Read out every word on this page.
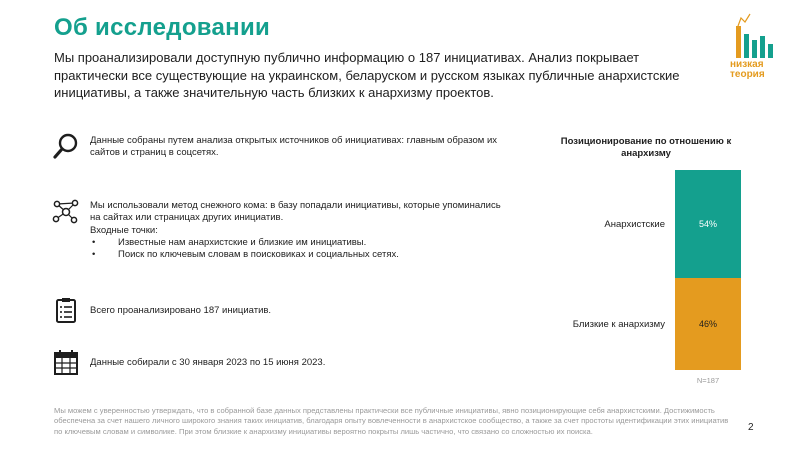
Об исследовании

Мы проанализировали доступную публично информацию о 187 инициативах. Анализ покрывает практически все существующие на украинском, беларуском и русском языках публичные анархистские инициативы, а также значительную часть близких к анархизму проектов.

низкая
теория
Данные собраны путем анализа открытых источников об инициативах: главным образом их сайтов и страниц в соцсетях.
Мы использовали метод снежного кома: в базу попадали инициативы, которые упоминались на сайтах или страницах других инициатив.
Входные точки:
• Известные нам анархистские и близкие им инициативы.
• Поиск по ключевым словам в поисковиках и социальных сетях.
Всего проанализировано 187 инициатив.
Данные собирали с 30 января 2023 по 15 июня 2023.
Позиционирование по отношению к анархизму
54%
Анархистские
46%
Близкие к анархизму
N=187

Мы можем с уверенностью утверждать, что в собранной базе данных представлены практически все публичные инициативы, явно позиционирующие себя анархистскими. Достижимость обеспечена за счет нашего личного широкого знания таких инициатив, благодаря опыту вовлеченности в анархистское сообщество, а также за счет простоты идентификации этих инициатив по ключевым словам и символике. При этом близкие к анархизму инициативы вероятно покрыты лишь частично, что связано со сложностью их поиска.	2
